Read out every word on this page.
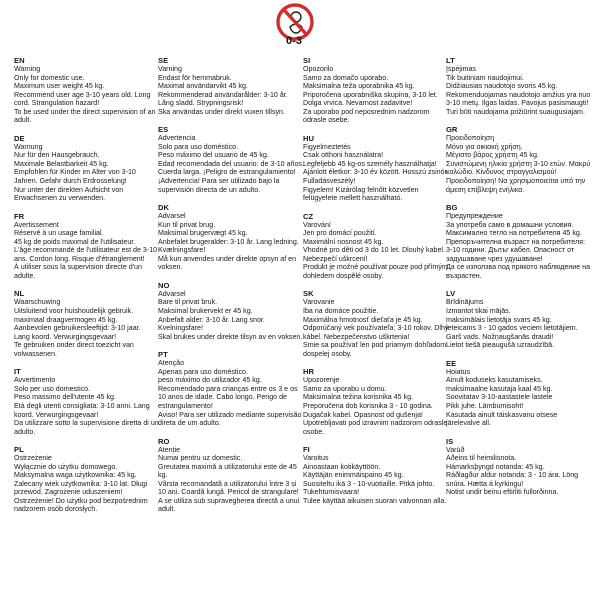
0-3
EN
Warning
Only for domestic use.
Maximum user weight 45 kg.
Recommend user age 3-10 years old. Long cord. Strangulation hazard!
To be used under the direct supervision of an adult.
DE
Warnung
Nur für den Hausgebrauch.
Maximale Belastbarkeit 45 kg.
Empfohlen für Kinder im Alter von 3-10 Jahren. Gefahr durch Erdrosselung!
Nur unter der direkten Aufsicht von Erwachsenen zu verwenden.
FR
Avertissement
Réservé à un usage familial.
45 kg de poids maximal de l'utilisateur.
L'âge recommandé de l'utilisateur est de 3-10 ans. Cordon long. Risque d'étranglement!
À utiliser sous la supervision directe d'un adulte.
NL
Waarschuwing
Uitsluitend voor huishoudelijk gebruik.
maximaal draagvermogen 45 kg.
Aanbevolen gebruikersleeftijd: 3-10 jaar.
Lang koord. Verwurgingsgevaar!
Te gebruiken onder direct toezicht van volwassenen.
IT
Avvertimento
Solo per uso domestico.
Peso massimo dell'utente 45 kg.
Età degli utenti consigliata: 3-10 anni. Lang koord. Verwurgingsgevaar!
Da utilizzare sotto la supervisione diretta di un adulto.
PL
Ostrzeżenie
Wyłącznie do użytku domowego.
Maksymalna waga użytkownika: 45 kg.
Zalecany wiek użytkownika: 3-10 lat. Długi przewód. Zagrożenie uduszeniem!
Ostrzeżenie! Do użytku pod bezpośrednim nadzorem osób dorosłych.
SE
Varning
Endast för hemmabruk.
Maximal användarvikt 45 kg.
Rekommenderad användarålder: 3-10 år. Lång sladd. Strypningsrisk!
Ska användas under direkt vuxen tillsyn.
ES
Advertencia
Solo para uso doméstico.
Peso máximo del usuario de 45 kg.
Edad recomendada del usuario: de 3-10 años. Cuerda larga. ¡Peligro de estrangulamiento! ¡Advertencia! Para ser utilizado bajo la supervisión directa de un adulto.
DK
Advarsel
Kun til privat brug.
Maksimal brugervægt 45 kg.
Anbefalet brugeralder: 3-10 år. Lang ledning. Kvælningsfare!
Må kun anvendes under direkte opsyn af en voksen.
NO
Advarsel
Bare til privat bruk.
Maksimal brukervekt er 45 kg.
Anbefalt alder: 3-10 år. Lang snor. Kvelningsfare!
Skal brukes under direkte tilsyn av en voksen.
PT
Atenção
Apenas para uso doméstico.
peso máximo do utilizador 45 kg.
Recomendado para crianças entre os 3 e os 10 anos de idade. Cabo longo. Perigo de estrangulamento!
Aviso! Para ser utilizado mediante supervisão direta de um adulto.
RO
Atenție
Numai pentru uz domestic.
Greutatea maximă a utilizatorului este de 45 kg.
Vârsta recomandată a utilizatorului între 3 și 10 ani. Coardă lungă. Pericol de strangulare!
A se utiliza sub supravegherea directă a unui adult.
SI
Opozorilo
Samo za domačo uporabo.
Maksimalna teža uporabnika 45 kg.
Priporočena uporabniška skupina, 3-10 let. Dolga vrvica. Nevarnost zadavitve!
Za uporabo pod neposrednim nadzorom odrasle osebe.
HU
Figyelmeztetés
Csak otthoni használatra!
Legfeljebb 45 kg-os személy használhatja!
Ajánlott életkor: 3-10 év között. Hosszú zsinór. Fulladásveszély!
Figyelem! Kizárólag felnőtt közvetlen felügyelete mellett használható.
CZ
Varování
Jen pro domácí použití.
Maximální nosnost 45 kg.
Vhodné pro děti od 3 do 10 let. Dlouhý kabel. Nebezpečí uškrcení!
Produkt je možné používat pouze pod přímým dohledem dospělé osoby.
SK
Varovanie
Iba na domáce použitie.
Maximálna hmotnosť dieťaťa je 45 kg.
Odporúčaný vek používateľa: 3-10 rokov. Dlhý kábel. Nebezpečenstvo uškrtenia!
Smie sa používať len pod priamym dohľadom dospelej osoby.
HR
Upozorenje
Samo za uporabu u domu.
Maksimalna težina korisnika 45 kg.
Preporučena dob korisnika 3 - 10 godina. Dugačak kabel. Opasnost od gušenja!
Upotrebljavati pod izravnim nadzorom odrasle osobe.
FI
Varoitus
Ainoastaan kotikäyttöön.
Käyttäjän enimmäispaino 45 kg.
Suositeltu ikä 3 - 10-vuotiaille. Pitkä johto. Tukehtumisvaara!
Tulee käyttää aikuisen suoran valvonnan alla.
LT
Įspėjimas
Tik buitiniam naudojimui.
Didžiausias naudotojo svoris 45 kg.
Rekomenduojamas naudotojo amžius yra nuo 3-10 metų. Ilgas laidas. Pavojus pasismaugti!
Turi būti naudojama prižiūrint suaugusiajam.
GR
Προειδοποίηση
Μόνο για οικιακή χρήση.
Μέγιστο βάρος χρήστη 45 kg.
Συνιστώμενη ηλικία χρήστη 3-10 ετών. Μακρύ καλώδιο. Κίνδυνος στραγγαλισμού!
Προειδοποίηση! Να χρησιμοποιείται υπό την άμεση επίβλεψη ενήλικα.
BG
Предупреждение
За употреба само в домашни условия.
Максимално тегло на потребителя 45 kg.
Препоръчителна възраст на потребителя: 3-10 години. Дълъг кабел. Опасност от задушаване чрез удушаване!
Да се използва под прякото наблюдение на възрастен.
LV
Brīdinājums
Izmantot tikai mājās.
maksimālais lietotāja svars 45 kg.
ieteicams 3 - 10 gados veciem lietotājiem. Garš vads. Nožņaugšanās draudi!
Lietot tiešā pieaugušā uzraudzībā.
EE
Hoiatus
Ainult koduseks kasutamiseks.
maksimaalne kasutaja kaal 45 kg.
Soovitatav 3-10-aastastele lastele
Pikk juhe. Lämbumisoht!
Kasutada ainult täiskasvanu otsese järelevalve all.
IS
Varúð
Aðeins til heimilisnota.
Hámarksþyngd notanda: 45 kg.
Ráðlagður aldur notanda: 3 - 10 ára. Löng snúra. Hætta á kyrkingu!
Notist undir beinu eftirliti fullorðinna.
